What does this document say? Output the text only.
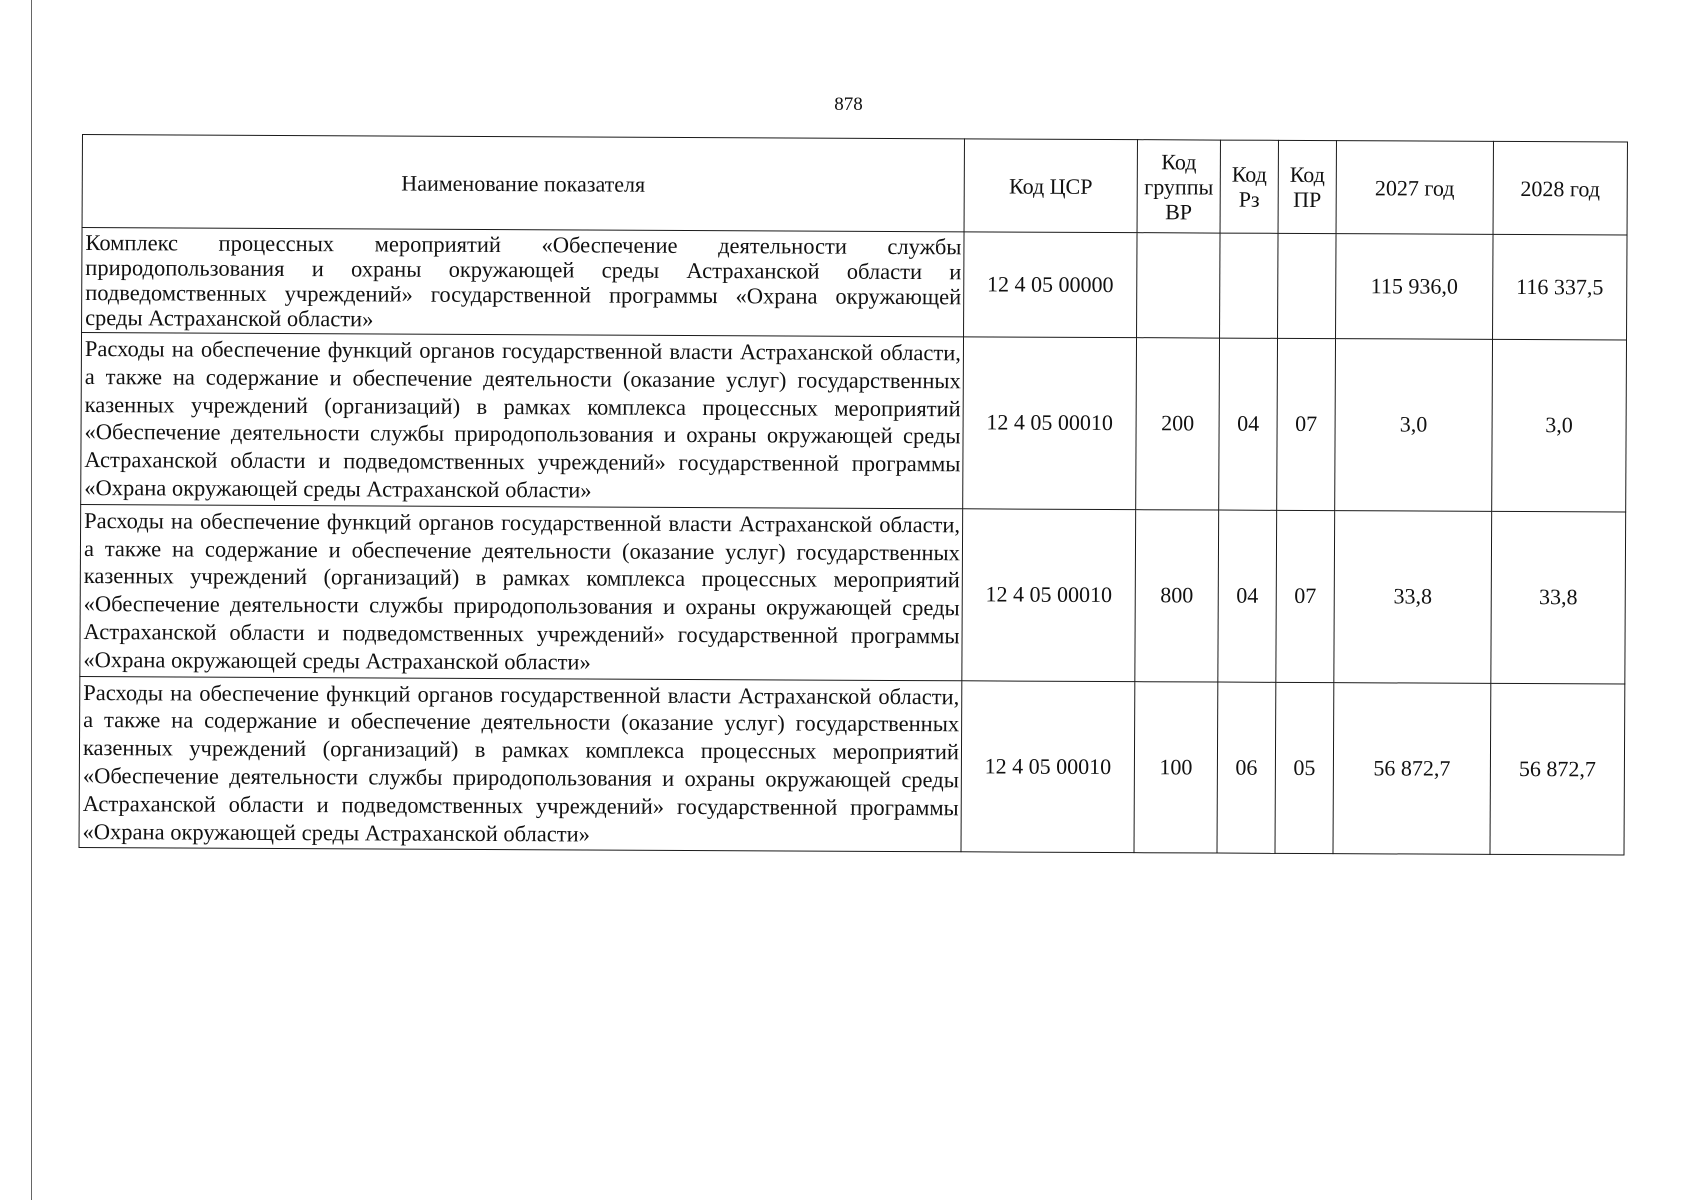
878
Наименование показателя	Код ЦСР	Код группы ВР	Код Рз	Код ПР	2027 год	2028 год
Комплекс процессных мероприятий «Обеспечение деятельности службы природопользования и охраны окружающей среды Астраханской области и подведомственных учреждений» государственной программы «Охрана окружающей среды Астраханской области»	12 4 05 00000				115 936,0	116 337,5
Расходы на обеспечение функций органов государственной власти Астраханской области, а также на содержание и обеспечение деятельности (оказание услуг) государственных казенных учреждений (организаций) в рамках комплекса процессных мероприятий «Обеспечение деятельности службы природопользования и охраны окружающей среды Астраханской области и подведомственных учреждений» государственной программы «Охрана окружающей среды Астраханской области»	12 4 05 00010	200	04	07	3,0	3,0
Расходы на обеспечение функций органов государственной власти Астраханской области, а также на содержание и обеспечение деятельности (оказание услуг) государственных казенных учреждений (организаций) в рамках комплекса процессных мероприятий «Обеспечение деятельности службы природопользования и охраны окружающей среды Астраханской области и подведомственных учреждений» государственной программы «Охрана окружающей среды Астраханской области»	12 4 05 00010	800	04	07	33,8	33,8
Расходы на обеспечение функций органов государственной власти Астраханской области, а также на содержание и обеспечение деятельности (оказание услуг) государственных казенных учреждений (организаций) в рамках комплекса процессных мероприятий «Обеспечение деятельности службы природопользования и охраны окружающей среды Астраханской области и подведомственных учреждений» государственной программы «Охрана окружающей среды Астраханской области»	12 4 05 00010	100	06	05	56 872,7	56 872,7
